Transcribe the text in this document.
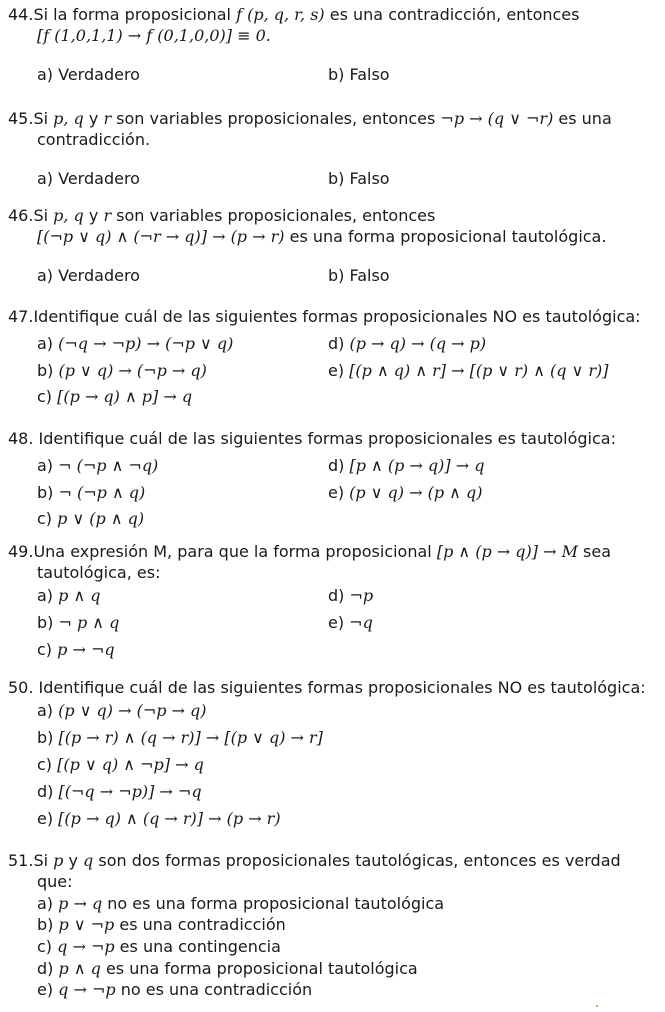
44.Si la forma proposicional f (p, q, r, s) es una contradicción, entonces
[f (1,0,1,1) → f (0,1,0,0)] ≡ 0.
a) Verdadero	b) Falso
45.Si p, q y r son variables proposicionales, entonces ¬p → (q ∨ ¬r) es una
contradicción.
a) Verdadero	b) Falso
46.Si p, q y r son variables proposicionales, entonces
[(¬p ∨ q) ∧ (¬r → q)] → (p → r) es una forma proposicional tautológica.
a) Verdadero	b) Falso
47.Identifique cuál de las siguientes formas proposicionales NO es tautológica:
a) (¬q → ¬p) → (¬p ∨ q)	d) (p → q) → (q → p)
b) (p ∨ q) → (¬p → q)	e) [(p ∧ q) ∧ r] → [(p ∨ r) ∧ (q ∨ r)]
c) [(p → q) ∧ p] → q
48. Identifique cuál de las siguientes formas proposicionales es tautológica:
a) ¬ (¬p ∧ ¬q)	d) [p ∧ (p → q)] → q
b) ¬ (¬p ∧ q)	e) (p ∨ q) → (p ∧ q)
c) p ∨ (p ∧ q)
49.Una expresión M, para que la forma proposicional [p ∧ (p → q)] → M sea
tautológica, es:
a) p ∧ q	d) ¬p
b) ¬ p ∧ q	e) ¬q
c) p → ¬q
50. Identifique cuál de las siguientes formas proposicionales NO es tautológica:
a) (p ∨ q) → (¬p → q)
b) [(p → r) ∧ (q → r)] → [(p ∨ q) → r]
c) [(p ∨ q) ∧ ¬p] → q
d) [(¬q → ¬p)] → ¬q
e) [(p → q) ∧ (q → r)] → (p → r)
51.Si p y q son dos formas proposicionales tautológicas, entonces es verdad
que:
a) p → q no es una forma proposicional tautológica
b) p ∨ ¬p es una contradicción
c) q → ¬p es una contingencia
d) p ∧ q es una forma proposicional tautológica
e) q → ¬p no es una contradicción
